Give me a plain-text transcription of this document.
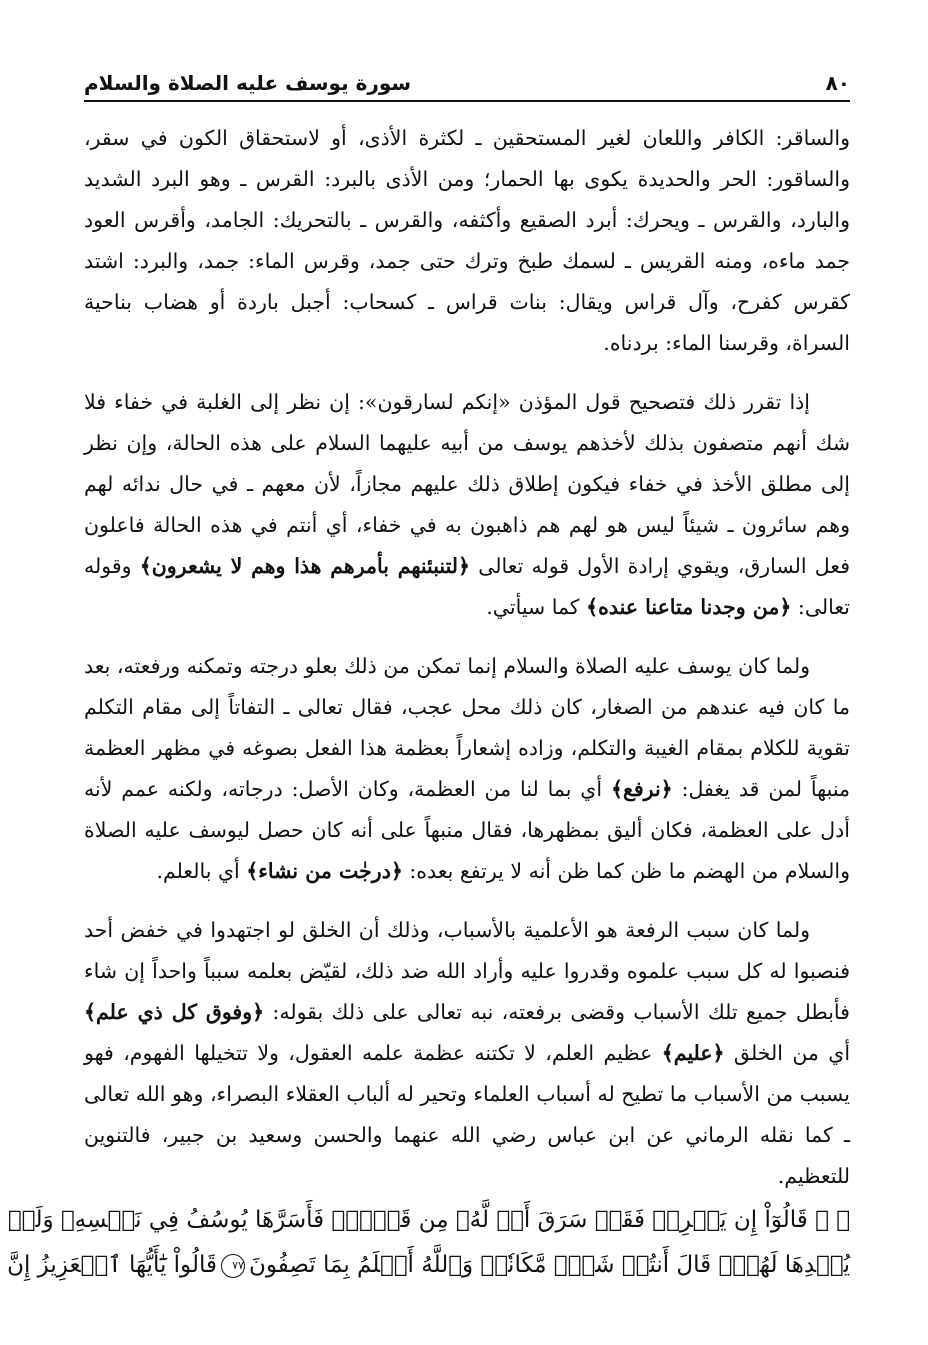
٨٠
سورة يوسف عليه الصلاة والسلام

والساقر: الكافر واللعان لغير المستحقين ـ لكثرة الأذى، أو لاستحقاق الكون في سقر، والساقور: الحر والحديدة يكوى بها الحمار؛ ومن الأذى بالبرد: القرس ـ وهو البرد الشديد والبارد، والقرس ـ ويحرك: أبرد الصقيع وأكثفه، والقرس ـ بالتحريك: الجامد، وأقرس العود جمد ماءه، ومنه القريس ـ لسمك طبخ وترك حتى جمد، وقرس الماء: جمد، والبرد: اشتد كقرس كفرح، وآل قراس ويقال: بنات قراس ـ كسحاب: أجبل باردة أو هضاب بناحية السراة، وقرسنا الماء: بردناه.

إذا تقرر ذلك فتصحيح قول المؤذن «إنكم لسارقون»: إن نظر إلى الغلبة في خفاء فلا شك أنهم متصفون بذلك لأخذهم يوسف من أبيه عليهما السلام على هذه الحالة، وإن نظر إلى مطلق الأخذ في خفاء فيكون إطلاق ذلك عليهم مجازاً، لأن معهم ـ في حال ندائه لهم وهم سائرون ـ شيئاً ليس هو لهم هم ذاهبون به في خفاء، أي أنتم في هذه الحالة فاعلون فعل السارق، ويقوي إرادة الأول قوله تعالى ﴿لتنبئنهم بأمرهم هذا وهم لا يشعرون﴾ وقوله تعالى: ﴿من وجدنا متاعنا عنده﴾ كما سيأتي.

ولما كان يوسف عليه الصلاة والسلام إنما تمكن من ذلك بعلو درجته وتمكنه ورفعته، بعد ما كان فيه عندهم من الصغار، كان ذلك محل عجب، فقال تعالى ـ التفاتاً إلى مقام التكلم تقوية للكلام بمقام الغيبة والتكلم، وزاده إشعاراً بعظمة هذا الفعل بصوغه في مظهر العظمة منبهاً لمن قد يغفل: ﴿نرفع﴾ أي بما لنا من العظمة، وكان الأصل: درجاته، ولكنه عمم لأنه أدل على العظمة، فكان أليق بمظهرها، فقال منبهاً على أنه كان حصل ليوسف عليه الصلاة والسلام من الهضم ما ظن كما ظن أنه لا يرتفع بعده: ﴿درجٰت من نشاء﴾ أي بالعلم.

ولما كان سبب الرفعة هو الأعلمية بالأسباب، وذلك أن الخلق لو اجتهدوا في خفض أحد فنصبوا له كل سبب علموه وقدروا عليه وأراد الله ضد ذلك، لقيّض بعلمه سبباً واحداً إن شاء فأبطل جميع تلك الأسباب وقضى برفعته، نبه تعالى على ذلك بقوله: ﴿وفوق كل ذي علم﴾ أي من الخلق ﴿عليم﴾ عظيم العلم، لا تكتنه عظمة علمه العقول، ولا تتخيلها الفهوم، فهو يسبب من الأسباب ما تطيح له أسباب العلماء وتحير له ألباب العقلاء البصراء، وهو الله تعالى ـ كما نقله الرماني عن ابن عباس رضي الله عنهما والحسن وسعيد بن جبير، فالتنوين للتعظيم.

﴿ ۞ قَالُوٓاْ إِن يَسۡرِقۡ فَقَدۡ سَرَقَ أَخٞ لَّهُۥ مِن قَبۡلُۚ فَأَسَرَّهَا يُوسُفُ فِي نَفۡسِهِۦ وَلَمۡ
يُبۡدِهَا لَهُمۡۚ قَالَ أَنتُمۡ شَرّٞ مَّكَانٗاۖ وَٱللَّهُ أَعۡلَمُ بِمَا تَصِفُونَ٧٧قَالُواْ يَٰٓأَيُّهَا ٱلۡعَزِيزُ إِنَّ
